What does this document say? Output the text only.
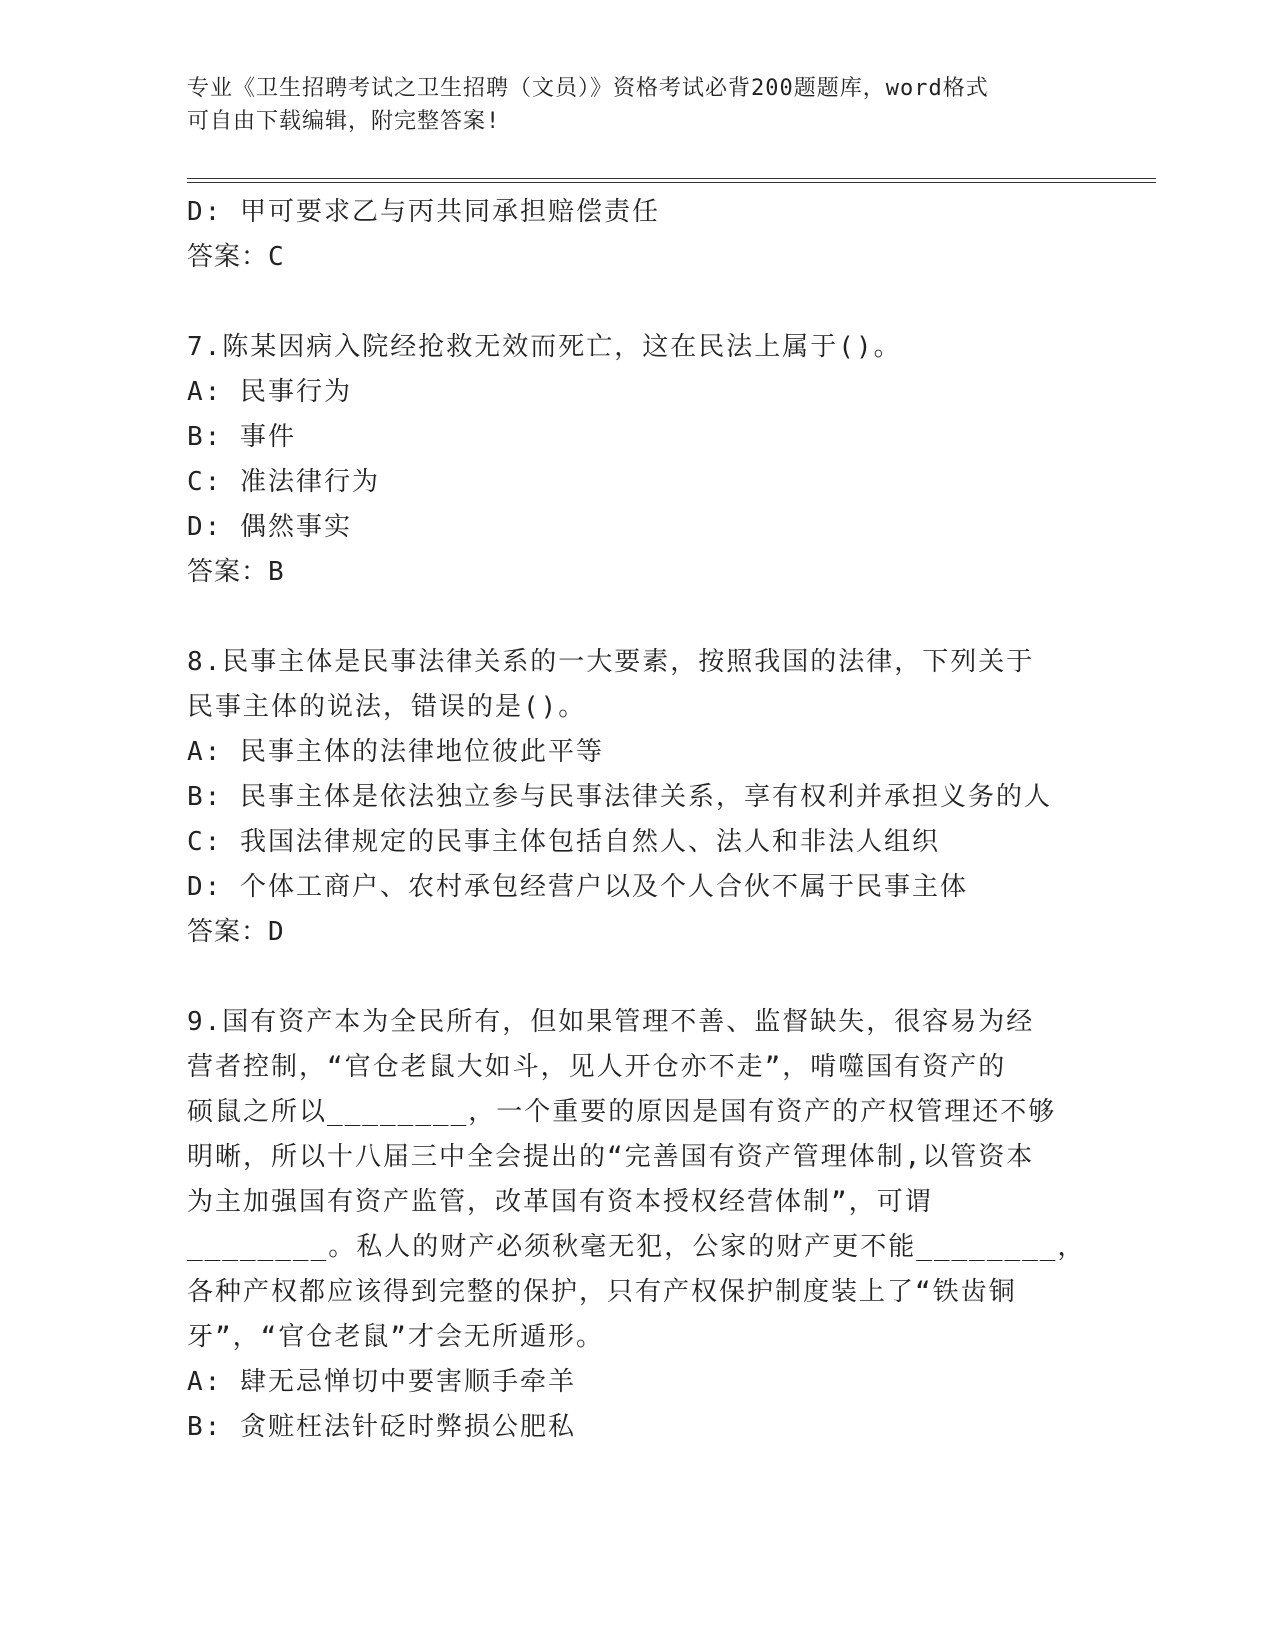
专业《卫生招聘考试之卫生招聘（文员）》资格考试必背200题题库，word格式
可自由下载编辑，附完整答案!
D: 甲可要求乙与丙共同承担赔偿责任
答案：C
7.陈某因病入院经抢救无效而死亡，这在民法上属于()。
A: 民事行为
B: 事件
C: 准法律行为
D: 偶然事实
答案：B
8.民事主体是民事法律关系的一大要素，按照我国的法律，下列关于
民事主体的说法，错误的是()。
A: 民事主体的法律地位彼此平等
B: 民事主体是依法独立参与民事法律关系，享有权利并承担义务的人
C: 我国法律规定的民事主体包括自然人、法人和非法人组织
D: 个体工商户、农村承包经营户以及个人合伙不属于民事主体
答案：D
9.国有资产本为全民所有，但如果管理不善、监督缺失，很容易为经
营者控制，“官仓老鼠大如斗，见人开仓亦不走”，啃噬国有资产的
硕鼠之所以________，一个重要的原因是国有资产的产权管理还不够
明晰，所以十八届三中全会提出的“完善国有资产管理体制,以管资本
为主加强国有资产监管，改革国有资本授权经营体制”，可谓
________。私人的财产必须秋毫无犯，公家的财产更不能________，
各种产权都应该得到完整的保护，只有产权保护制度装上了“铁齿铜
牙”，“官仓老鼠”才会无所遁形。
A: 肆无忌惮切中要害顺手牵羊
B: 贪赃枉法针砭时弊损公肥私
